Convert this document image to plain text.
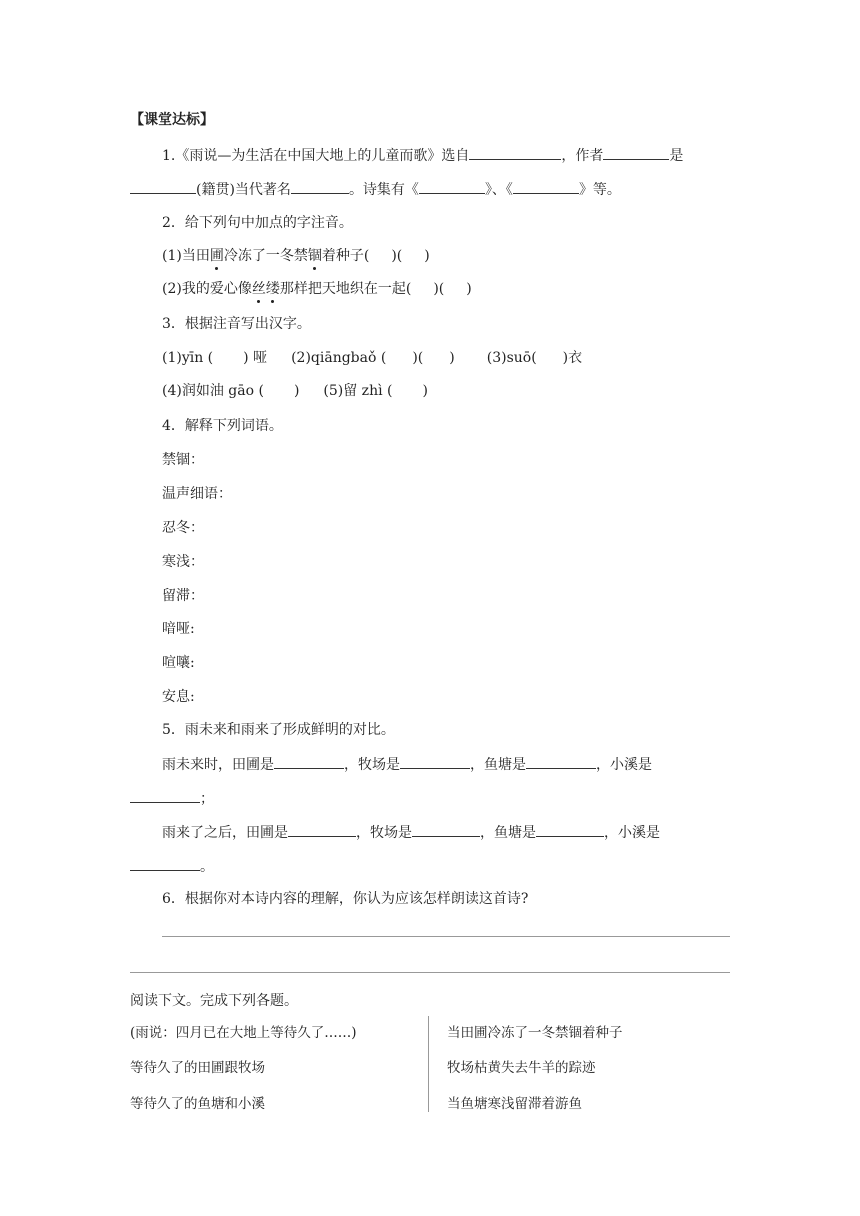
【课堂达标】
1.《雨说—为生活在中国大地上的儿童而歌》选自	，作者	是
(籍贯)当代著名	。诗集有《	》、《	》等。
2．给下列句中加点的字注音。
(1)当田圃冷冻了一冬禁锢着种子( )( )
(2)我的爱心像丝缕那样把天地织在一起( )( )
3．根据注音写出汉字。
(1)yīn ( ) 哑 (2)qiāngbaǒ ( )( ) (3)suō( )衣
(4)润如油 gāo ( ) (5)留 zhì ( )
4．解释下列词语。
禁锢：
温声细语：
忍冬：
寒浅：
留滞：
喑哑:
喧嚷:
安息:
5．雨未来和雨来了形成鲜明的对比。
雨未来时，田圃是	，牧场是	，鱼塘是	，小溪是
；
雨来了之后，田圃是	，牧场是	，鱼塘是	，小溪是
。
6．根据你对本诗内容的理解，你认为应该怎样朗读这首诗?
阅读下文。完成下列各题。
(雨说：四月已在大地上等待久了……)
等待久了的田圃跟牧场
等待久了的鱼塘和小溪
当田圃冷冻了一冬禁锢着种子
牧场枯黄失去牛羊的踪迹
当鱼塘寒浅留滞着游鱼
